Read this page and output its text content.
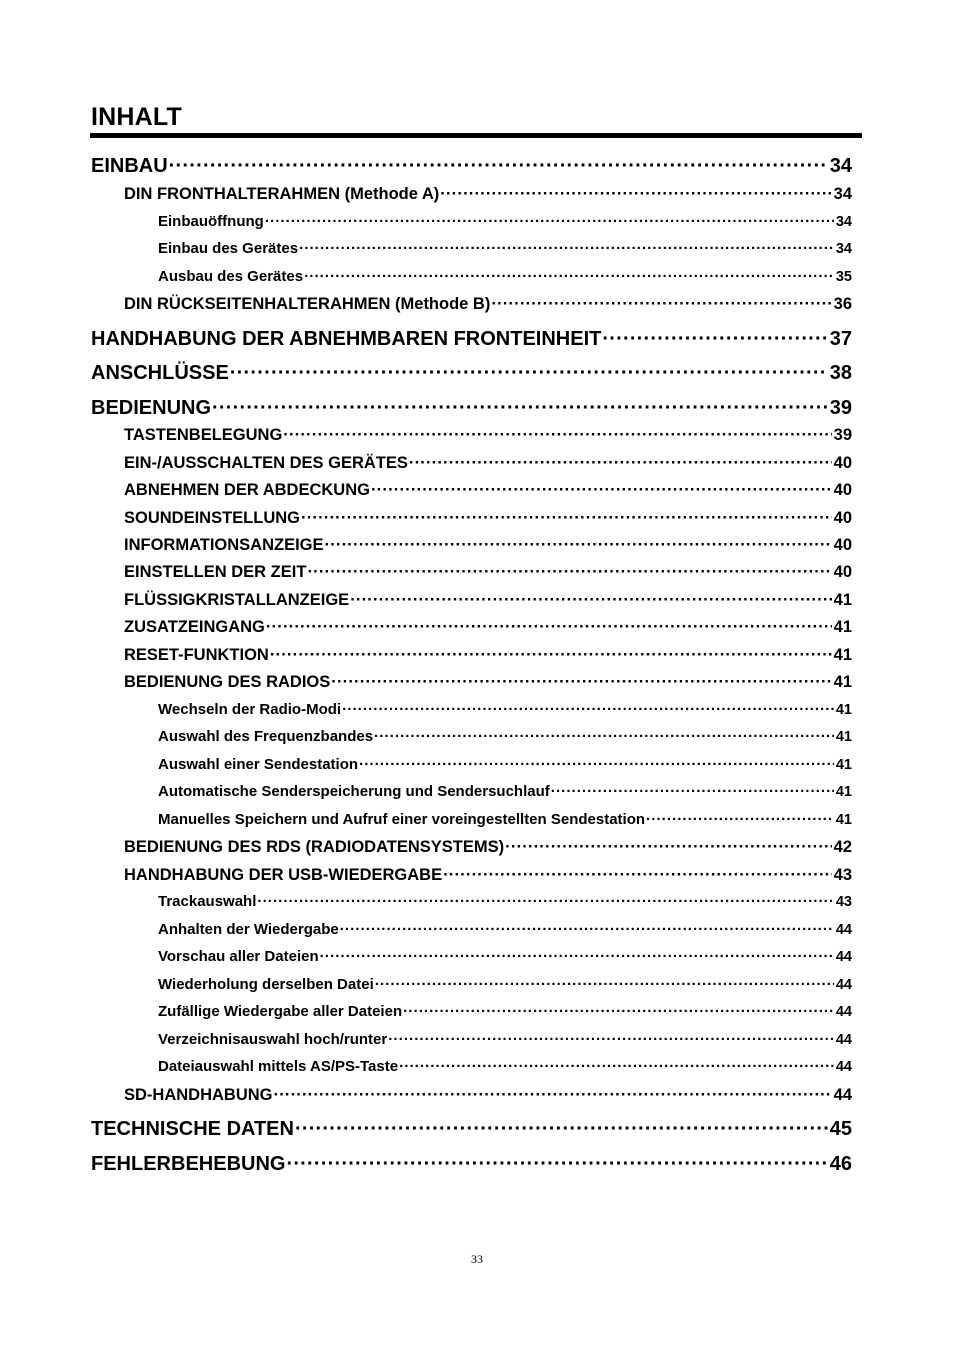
INHALT
EINBAU ·····	34
DIN FRONTHALTERAHMEN (Methode A) ·····	34
Einbauöffnung ·····	34
Einbau des Gerätes ·····	34
Ausbau des Gerätes ·····	35
DIN RÜCKSEITENHALTERAHMEN (Methode B) ·····	36
HANDHABUNG DER ABNEHMBAREN FRONTEINHEIT ·····	37
ANSCHLÜSSE ·····	38
BEDIENUNG ·····	39
TASTENBELEGUNG ·····	39
EIN-/AUSSCHALTEN DES GERÄTES ·····	40
ABNEHMEN DER ABDECKUNG ·····	40
SOUNDEINSTELLUNG ·····	40
INFORMATIONSANZEIGE ·····	40
EINSTELLEN DER ZEIT ·····	40
FLÜSSIGKRISTALLANZEIGE ·····	41
ZUSATZEINGANG ·····	41
RESET-FUNKTION ·····	41
BEDIENUNG DES RADIOS ·····	41
Wechseln der Radio-Modi ·····	41
Auswahl des Frequenzbandes ·····	41
Auswahl einer Sendestation ·····	41
Automatische Senderspeicherung und Sendersuchlauf ·····	41
Manuelles Speichern und Aufruf einer voreingestellten Sendestation ·····	41
BEDIENUNG DES RDS (RADIODATENSYSTEMS) ·····	42
HANDHABUNG DER USB-WIEDERGABE ·····	43
Trackauswahl ·····	43
Anhalten der Wiedergabe ·····	44
Vorschau aller Dateien ·····	44
Wiederholung derselben Datei ·····	44
Zufällige Wiedergabe aller Dateien ·····	44
Verzeichnisauswahl hoch/runter ·····	44
Dateiauswahl mittels AS/PS-Taste ·····	44
SD-HANDHABUNG ·····	44
TECHNISCHE DATEN ·····	45
FEHLERBEHEBUNG ·····	46
33
